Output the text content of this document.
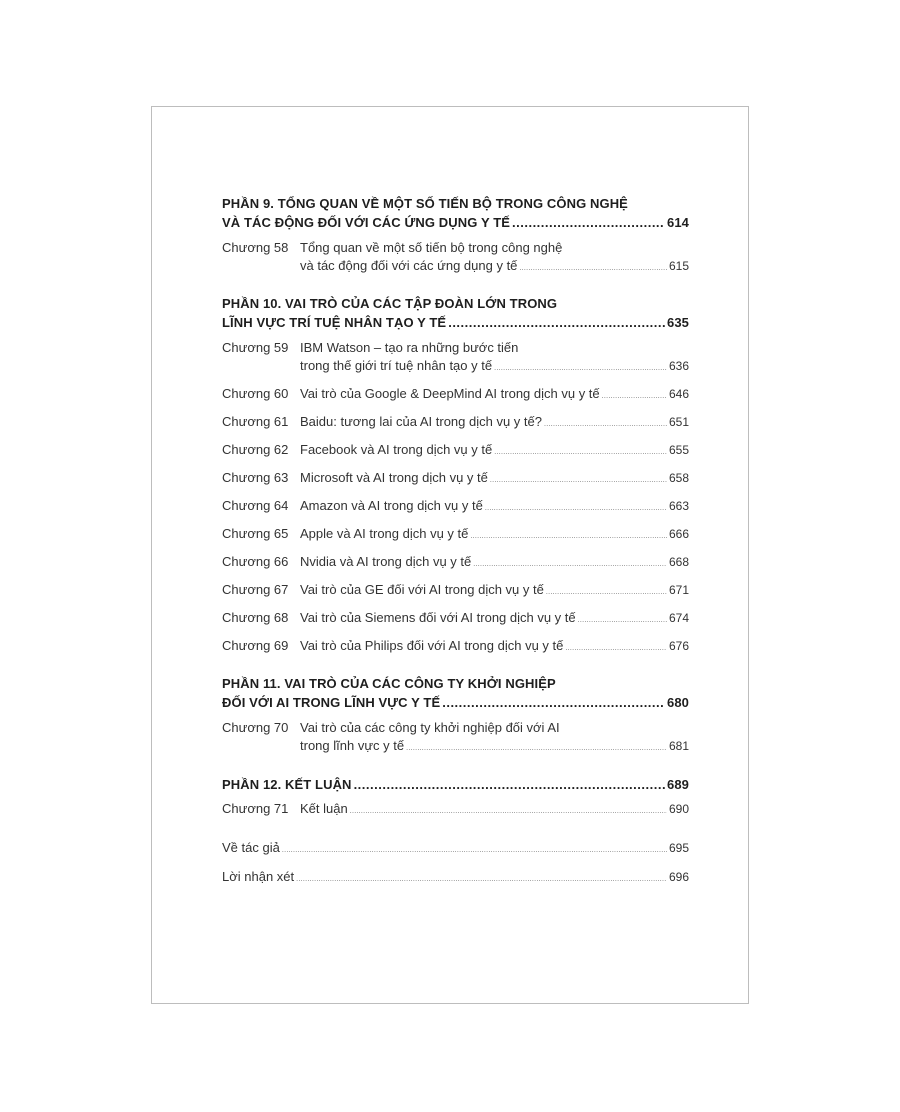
PHẦN 9. TỔNG QUAN VỀ MỘT SỐ TIẾN BỘ TRONG CÔNG NGHỆ
VÀ TÁC ĐỘNG ĐỐI VỚI CÁC ỨNG DỤNG Y TẾ .....	614
Chương 58 Tổng quan về một số tiến bộ trong công nghệ
và tác động đối với các ứng dụng y tế .....	615
PHẦN 10. VAI TRÒ CỦA CÁC TẬP ĐOÀN LỚN TRONG
LĨNH VỰC TRÍ TUỆ NHÂN TẠO Y TẾ .....	635
Chương 59 IBM Watson – tạo ra những bước tiến
trong thế giới trí tuệ nhân tạo y tế .....	636
Chương 60 Vai trò của Google & DeepMind AI trong dịch vụ y tế .....	646
Chương 61 Baidu: tương lai của AI trong dịch vụ y tế? .....	651
Chương 62 Facebook và AI trong dịch vụ y tế .....	655
Chương 63 Microsoft và AI trong dịch vụ y tế .....	658
Chương 64 Amazon và AI trong dịch vụ y tế .....	663
Chương 65 Apple và AI trong dịch vụ y tế .....	666
Chương 66 Nvidia và AI trong dịch vụ y tế .....	668
Chương 67 Vai trò của GE đối với AI trong dịch vụ y tế .....	671
Chương 68 Vai trò của Siemens đối với AI trong dịch vụ y tế .....	674
Chương 69 Vai trò của Philips đối với AI trong dịch vụ y tế .....	676
PHẦN 11. VAI TRÒ CỦA CÁC CÔNG TY KHỞI NGHIỆP
ĐỐI VỚI AI TRONG LĨNH VỰC Y TẾ .....	680
Chương 70 Vai trò của các công ty khởi nghiệp đối với AI
trong lĩnh vực y tế .....	681
PHẦN 12. KẾT LUẬN .....	689
Chương 71 Kết luận .....	690
Về tác giả .....	695
Lời nhận xét .....	696
